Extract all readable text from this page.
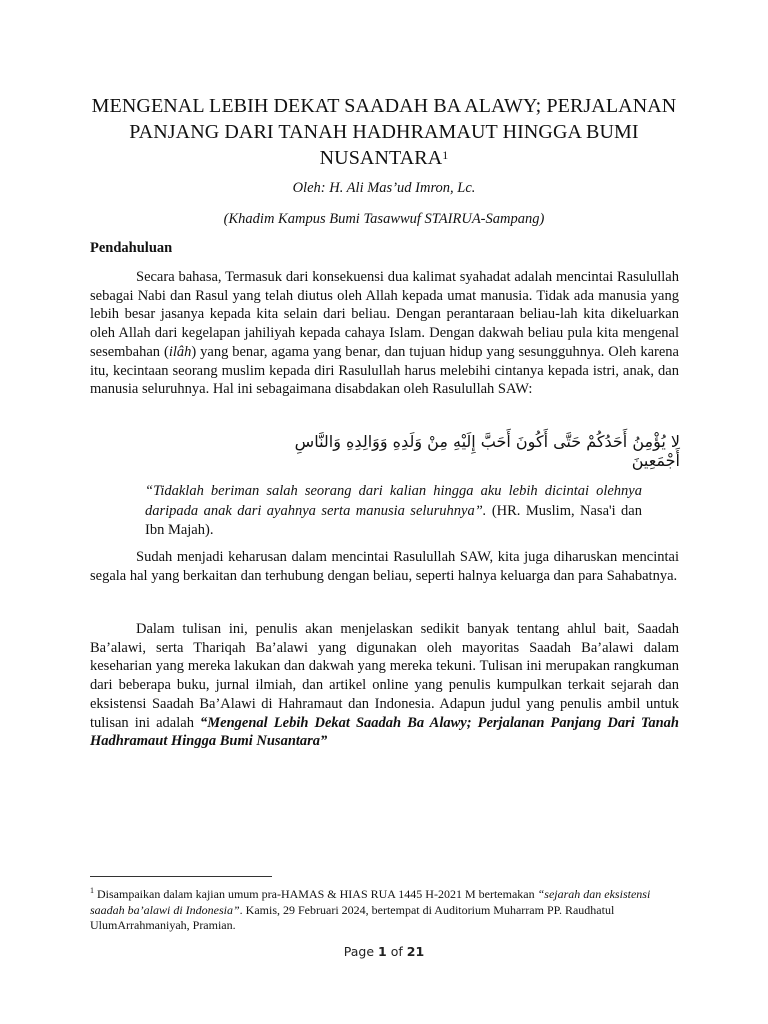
MENGENAL LEBIH DEKAT SAADAH BA ALAWY; PERJALANAN PANJANG DARI TANAH HADHRAMAUT HINGGA BUMI NUSANTARA$^1$
Oleh: H. Ali Mas’ud Imron, Lc.
(Khadim Kampus Bumi Tasawwuf STAIRUA-Sampang)
Pendahuluan

Secara bahasa, Termasuk dari konsekuensi dua kalimat syahadat adalah mencintai Rasulullah sebagai Nabi dan Rasul yang telah diutus oleh Allah kepada umat manusia. Tidak ada manusia yang lebih besar jasanya kepada kita selain dari beliau. Dengan perantaraan beliau-lah kita dikeluarkan oleh Allah dari kegelapan jahiliyah kepada cahaya Islam. Dengan dakwah beliau pula kita mengenal sesembahan (ilâh) yang benar, agama yang benar, dan tujuan hidup yang sesungguhnya. Oleh karena itu, kecintaan seorang muslim kepada diri Rasulullah harus melebihi cintanya kepada istri, anak, dan manusia seluruhnya. Hal ini sebagaimana disabdakan oleh Rasulullah SAW:

لا يُؤْمِنُ أَحَدُكُمْ حَتَّى أَكُونَ أَحَبَّ إِلَيْهِ مِنْ وَلَدِهِ وَوَالِدِهِ وَالنَّاسِ أَجْمَعِينَ

“Tidaklah beriman salah seorang dari kalian hingga aku lebih dicintai olehnya daripada anak dari ayahnya serta manusia seluruhnya”. (HR. Muslim, Nasa'i dan Ibn Majah).

Sudah menjadi keharusan dalam mencintai Rasulullah SAW, kita juga diharuskan mencintai segala hal yang berkaitan dan terhubung dengan beliau, seperti halnya keluarga dan para Sahabatnya.

Dalam tulisan ini, penulis akan menjelaskan sedikit banyak tentang ahlul bait, Saadah Ba’alawi, serta Thariqah Ba’alawi yang digunakan oleh mayoritas Saadah Ba’alawi dalam keseharian yang mereka lakukan dan dakwah yang mereka tekuni. Tulisan ini merupakan rangkuman dari beberapa buku, jurnal ilmiah, dan artikel online yang penulis kumpulkan terkait sejarah dan eksistensi Saadah Ba’Alawi di Hahramaut dan Indonesia. Adapun judul yang penulis ambil untuk tulisan ini adalah “Mengenal Lebih Dekat Saadah Ba Alawy; Perjalanan Panjang Dari Tanah Hadhramaut Hingga Bumi Nusantara”

$^1$ Disampaikan dalam kajian umum pra-HAMAS & HIAS RUA 1445 H-2021 M bertemakan “sejarah dan eksistensi saadah ba’alawi di Indonesia”. Kamis, 29 Februari 2024, bertempat di Auditorium Muharram PP. Raudhatul UlumArrahmaniyah, Pramian.

Page 1 of 21
